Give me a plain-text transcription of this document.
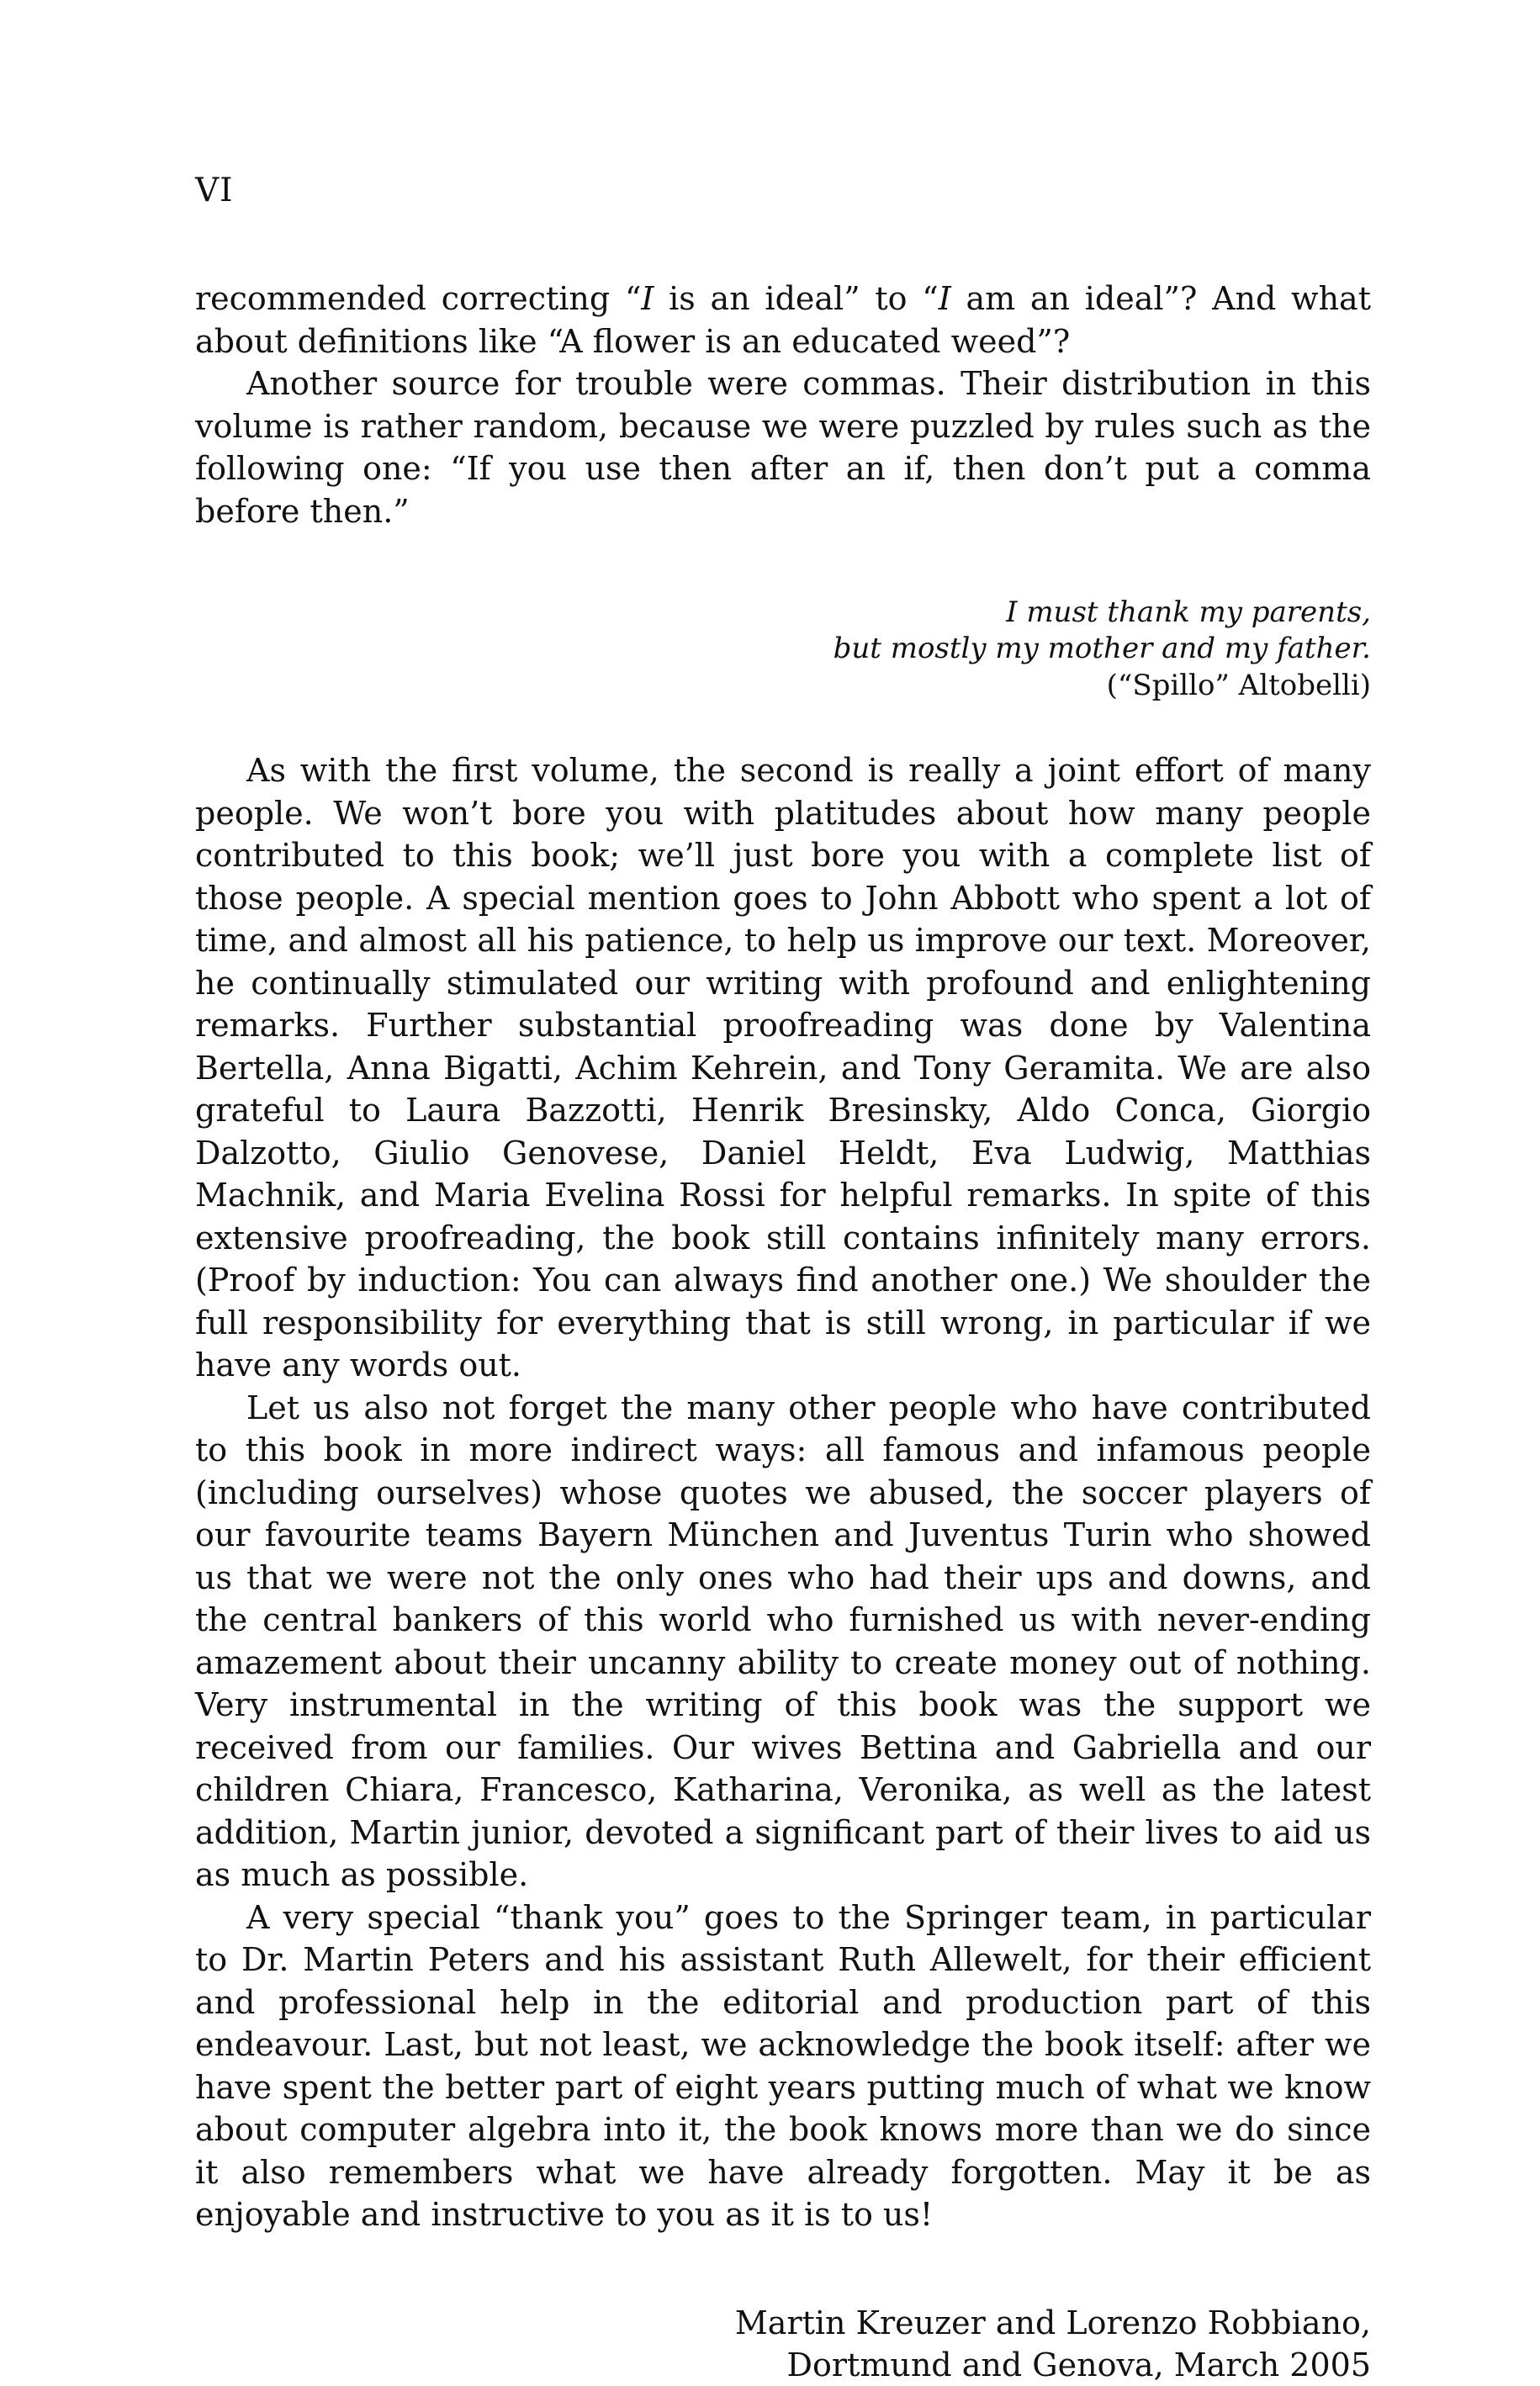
VI

recommended correcting “I is an ideal” to “I am an ideal”? And what about definitions like “A flower is an educated weed”?

Another source for trouble were commas. Their distribution in this volume is rather random, because we were puzzled by rules such as the following one: “If you use then after an if, then don’t put a comma before then.”

I must thank my parents,
but mostly my mother and my father.
(“Spillo” Altobelli)

As with the first volume, the second is really a joint effort of many people. We won’t bore you with platitudes about how many people contributed to this book; we’ll just bore you with a complete list of those people. A special mention goes to John Abbott who spent a lot of time, and almost all his patience, to help us improve our text. Moreover, he continually stimulated our writing with profound and enlightening remarks. Further substantial proofreading was done by Valentina Bertella, Anna Bigatti, Achim Kehrein, and Tony Geramita. We are also grateful to Laura Bazzotti, Henrik Bresinsky, Aldo Conca, Giorgio Dalzotto, Giulio Genovese, Daniel Heldt, Eva Ludwig, Matthias Machnik, and Maria Evelina Rossi for helpful remarks. In spite of this extensive proofreading, the book still contains infinitely many errors. (Proof by induction: You can always find another one.) We shoulder the full responsibility for everything that is still wrong, in particular if we have any words out.

Let us also not forget the many other people who have contributed to this book in more indirect ways: all famous and infamous people (including ourselves) whose quotes we abused, the soccer players of our favourite teams Bayern München and Juventus Turin who showed us that we were not the only ones who had their ups and downs, and the central bankers of this world who furnished us with never-ending amazement about their uncanny ability to create money out of nothing. Very instrumental in the writing of this book was the support we received from our families. Our wives Bettina and Gabriella and our children Chiara, Francesco, Katharina, Veronika, as well as the latest addition, Martin junior, devoted a significant part of their lives to aid us as much as possible.

A very special “thank you” goes to the Springer team, in particular to Dr. Martin Peters and his assistant Ruth Allewelt, for their efficient and professional help in the editorial and production part of this endeavour. Last, but not least, we acknowledge the book itself: after we have spent the better part of eight years putting much of what we know about computer algebra into it, the book knows more than we do since it also remembers what we have already forgotten. May it be as enjoyable and instructive to you as it is to us!

Martin Kreuzer and Lorenzo Robbiano,
Dortmund and Genova, March 2005
